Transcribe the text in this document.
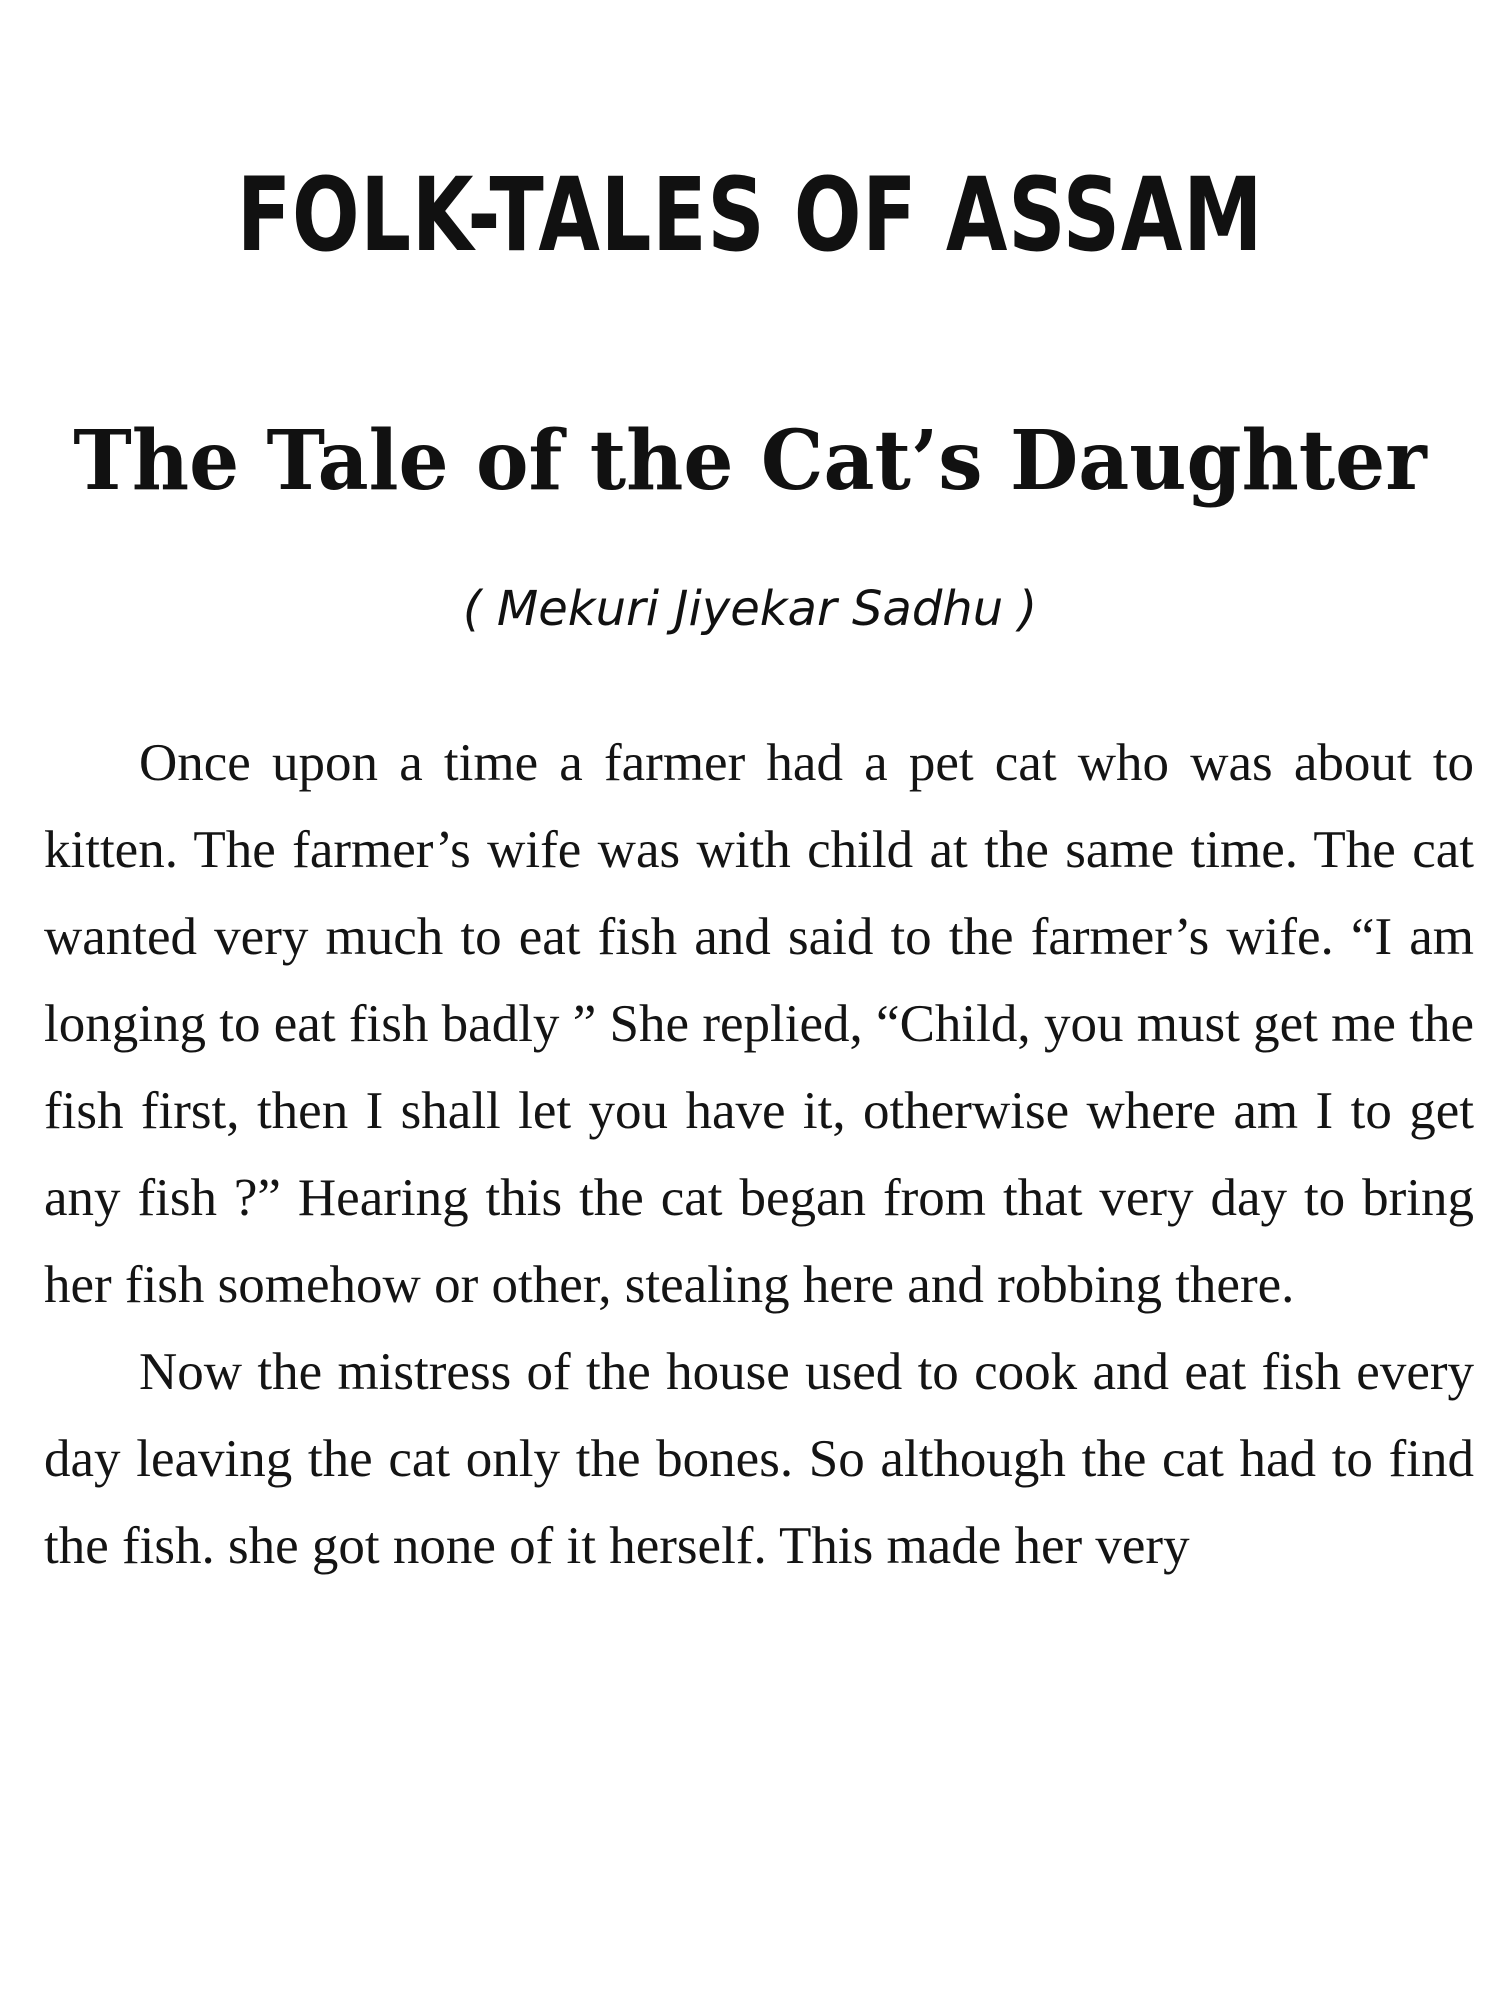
FOLK-TALES OF ASSAM
The Tale of the Cat’s Daughter
( Mekuri Jiyekar Sadhu )

Once upon a time a farmer had a pet cat who was about to kitten. The farmer’s wife was with child at the same time. The cat wanted very much to eat fish and said to the farmer’s wife. “I am longing to eat fish badly ” She replied, “Child, you must get me the fish first, then I shall let you have it, otherwise where am I to get any fish ?” Hearing this the cat began from that very day to bring her fish somehow or other, stealing here and robbing there.

Now the mistress of the house used to cook and eat fish every day leaving the cat only the bones. So although the cat had to find the fish. she got none of it herself. This made her very
